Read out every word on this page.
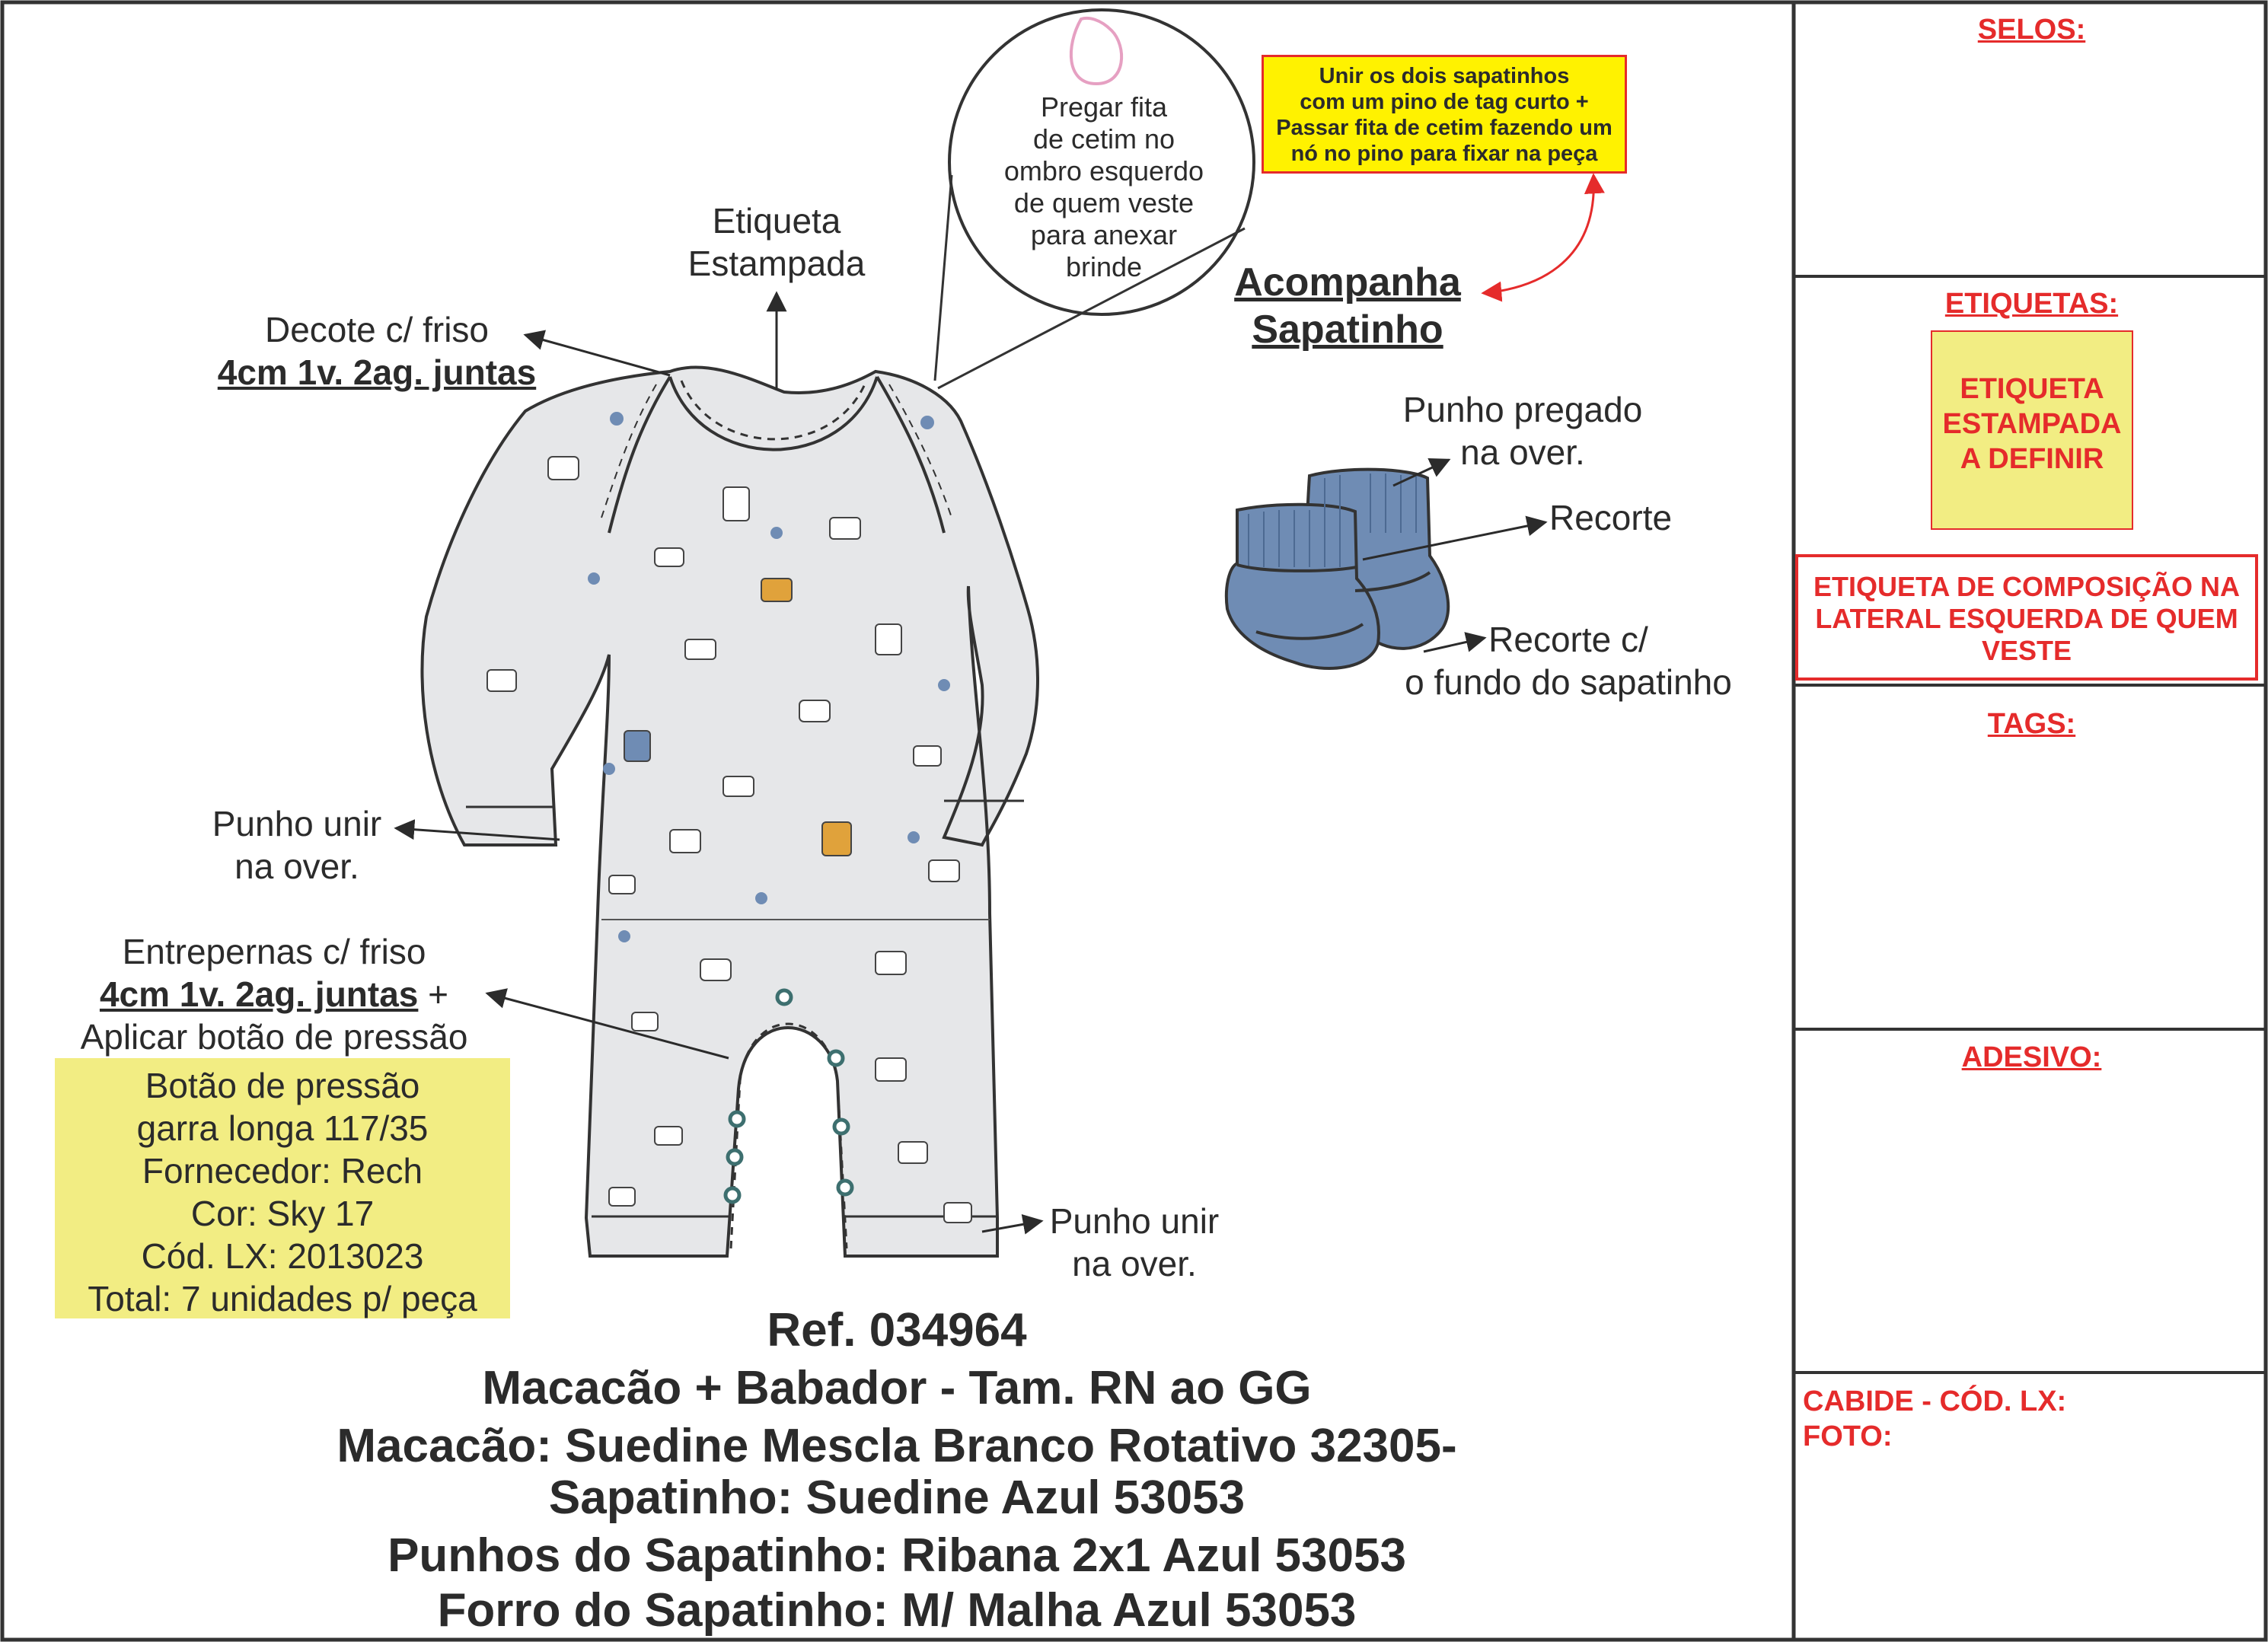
Etiqueta
Estampada
Decote c/ friso
4cm 1v. 2ag. juntas
Pregar fita
de cetim no
ombro esquerdo
de quem veste
para anexar
brinde
Unir os dois sapatinhos
com um pino de tag curto +
Passar fita de cetim fazendo um
nó no pino para fixar na peça
Acompanha
Sapatinho
Punho pregado
na over.
Recorte
Recorte c/
o fundo do sapatinho
Punho unir
na over.
Entrepernas c/ friso
4cm 1v. 2ag. juntas +
Aplicar botão de pressão
Punho unir
na over.
Botão de pressão
garra longa 117/35
Fornecedor: Rech
Cor: Sky 17
Cód. LX: 2013023
Total: 7 unidades p/ peça
Ref. 034964
Macacão + Babador - Tam. RN ao GG
Macacão: Suedine Mescla Branco Rotativo 32305-
Sapatinho: Suedine Azul 53053
Punhos do Sapatinho: Ribana 2x1 Azul 53053
Forro do Sapatinho: M/ Malha Azul 53053
SELOS:
ETIQUETAS:
ETIQUETA
ESTAMPADA
A DEFINIR
ETIQUETA DE COMPOSIÇÃO NA
LATERAL ESQUERDA DE QUEM
VESTE
TAGS:
ADESIVO:
CABIDE - CÓD. LX:
FOTO:
